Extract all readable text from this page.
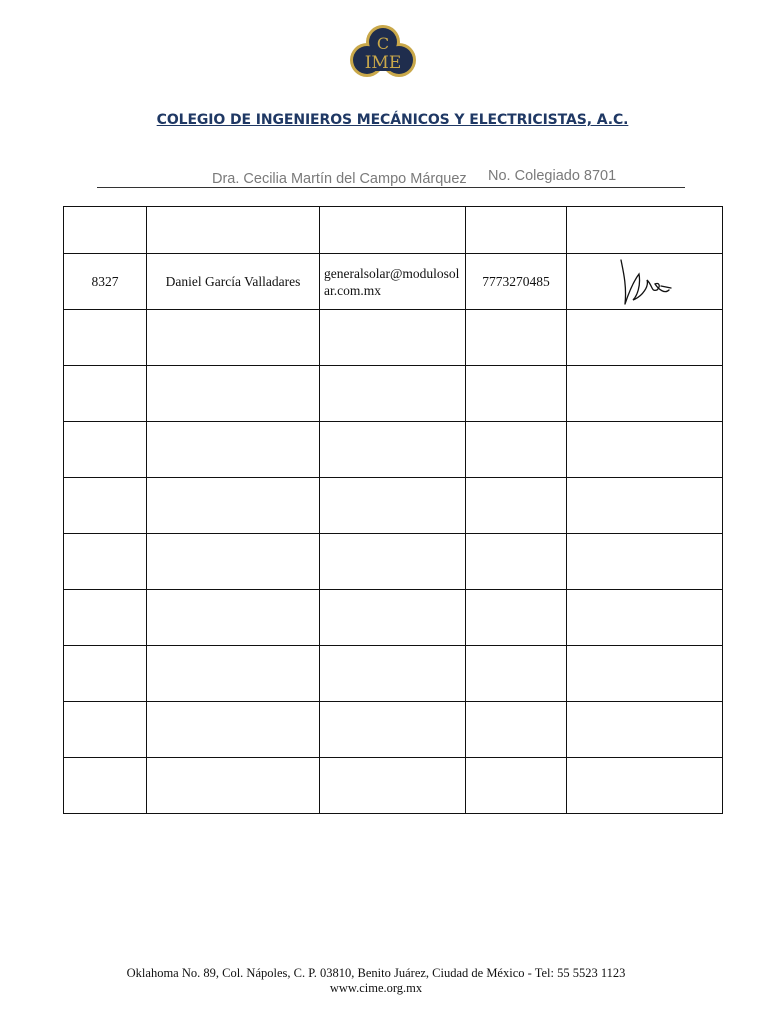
C
IME
COLEGIO DE INGENIEROS MECÁNICOS Y ELECTRICISTAS, A.C.
Dra. Cecilia Martín del Campo Márquez No. Colegiado 8701

8327	Daniel García Valladares	generalsolar@modulosolar.com.mx	7773270485	

Oklahoma No. 89, Col. Nápoles, C. P. 03810, Benito Juárez, Ciudad de México - Tel: 55 5523 1123
www.cime.org.mx
